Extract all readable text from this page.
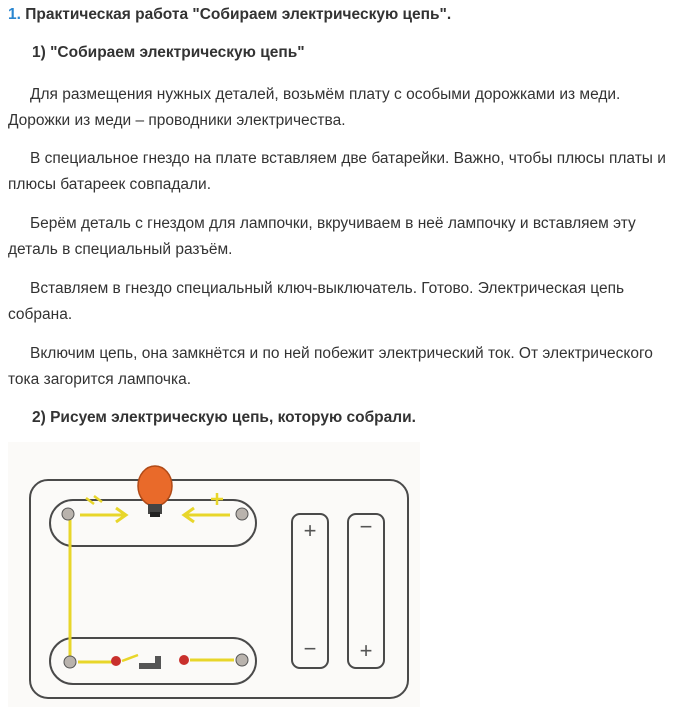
1. Практическая работа "Собираем электрическую цепь".
1) "Собираем электрическую цепь"
Для размещения нужных деталей, возьмём плату с особыми дорожками из меди. Дорожки из меди – проводники электричества.
В специальное гнездо на плате вставляем две батарейки. Важно, чтобы плюсы платы и плюсы батареек совпадали.
Берём деталь с гнездом для лампочки, вкручиваем в неё лампочку и вставляем эту деталь в специальный разъём.
Вставляем в гнездо специальный ключ-выключатель. Готово. Электрическая цепь собрана.
Включим цепь, она замкнётся и по ней побежит электрический ток. От электрического тока загорится лампочка.
2) Рисуем электрическую цепь, которую собрали.
+
−
−
+
